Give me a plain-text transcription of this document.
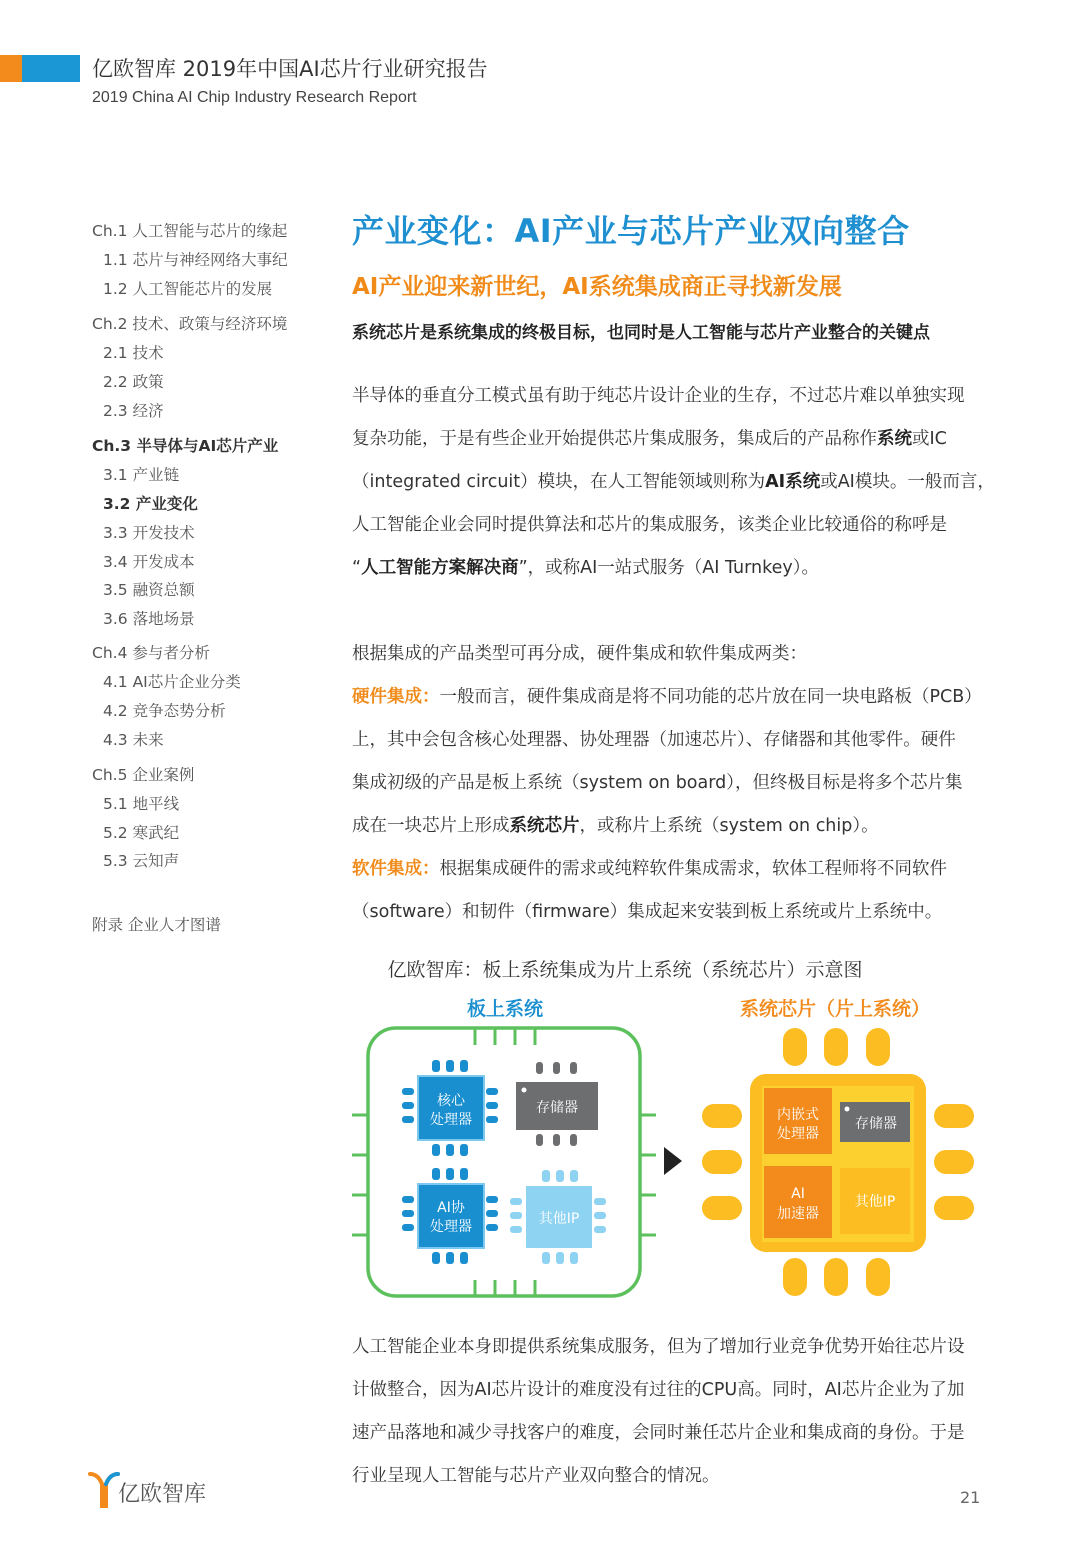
亿欧智库 2019年中国AI芯片行业研究报告
2019 China AI Chip Industry Research Report
Ch.1 人工智能与芯片的缘起
1.1 芯片与神经网络大事纪
1.2 人工智能芯片的发展
Ch.2 技术、政策与经济环境
2.1 技术
2.2 政策
2.3 经济
Ch.3 半导体与AI芯片产业
3.1 产业链
3.2 产业变化
3.3 开发技术
3.4 开发成本
3.5 融资总额
3.6 落地场景
Ch.4 参与者分析
4.1 AI芯片企业分类
4.2 竞争态势分析
4.3 未来
Ch.5 企业案例
5.1 地平线
5.2 寒武纪
5.3 云知声
附录 企业人才图谱
产业变化：AI产业与芯片产业双向整合
AI产业迎来新世纪，AI系统集成商正寻找新发展
系统芯片是系统集成的终极目标，也同时是人工智能与芯片产业整合的关键点
半导体的垂直分工模式虽有助于纯芯片设计企业的生存，不过芯片难以单独实现
复杂功能，于是有些企业开始提供芯片集成服务，集成后的产品称作系统或IC
（integrated circuit）模块，在人工智能领域则称为AI系统或AI模块。一般而言，
人工智能企业会同时提供算法和芯片的集成服务，该类企业比较通俗的称呼是
“人工智能方案解决商”，或称AI一站式服务（AI Turnkey）。
根据集成的产品类型可再分成，硬件集成和软件集成两类：
硬件集成：一般而言，硬件集成商是将不同功能的芯片放在同一块电路板（PCB）
上，其中会包含核心处理器、协处理器（加速芯片）、存储器和其他零件。硬件
集成初级的产品是板上系统（system on board），但终极目标是将多个芯片集
成在一块芯片上形成系统芯片，或称片上系统（system on chip）。
软件集成：根据集成硬件的需求或纯粹软件集成需求，软体工程师将不同软件
（software）和韧件（firmware）集成起来安装到板上系统或片上系统中。
亿欧智库：板上系统集成为片上系统（系统芯片）示意图
板上系统	系统芯片（片上系统）
核心
处理器
存储器
AI协
处理器	其他IP
内嵌式
处理器
存储器
AI
加速器
其他IP
人工智能企业本身即提供系统集成服务，但为了增加行业竞争优势开始往芯片设
计做整合，因为AI芯片设计的难度没有过往的CPU高。同时，AI芯片企业为了加
速产品落地和减少寻找客户的难度，会同时兼任芯片企业和集成商的身份。于是
行业呈现人工智能与芯片产业双向整合的情况。
亿欧智库	21
